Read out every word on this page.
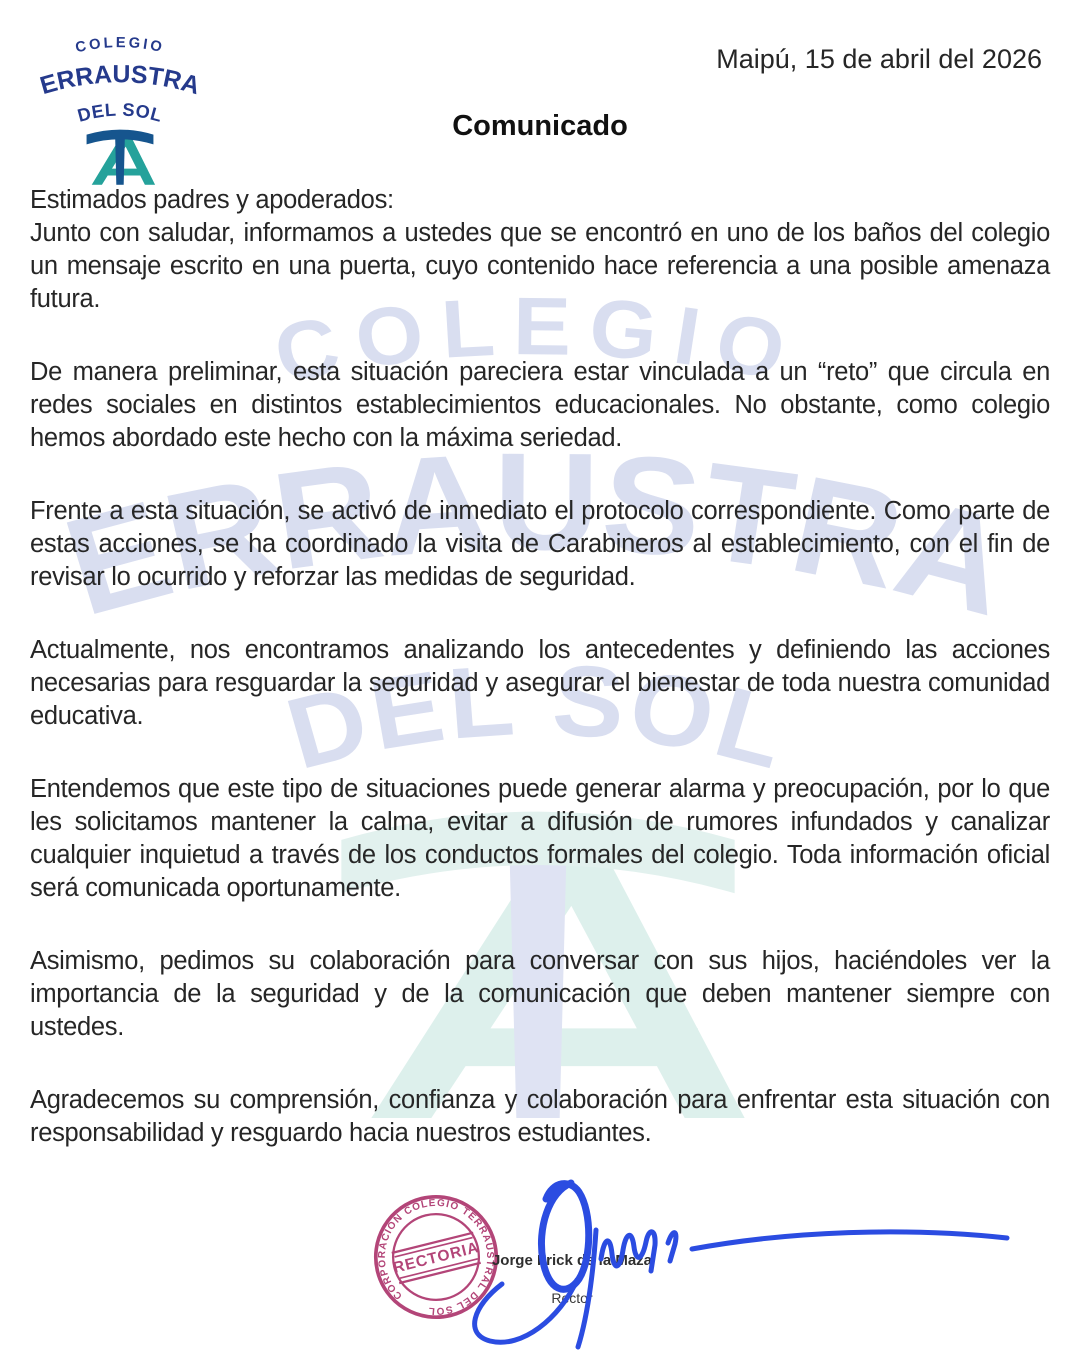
Maipú, 15 de abril del 2026
Comunicado

Estimados padres y apoderados:

Junto con saludar, informamos a ustedes que se encontró en uno de los baños del colegio un mensaje escrito en una puerta, cuyo contenido hace referencia a una posible amenaza futura.

De manera preliminar, esta situación pareciera estar vinculada a un “reto” que circula en redes sociales en distintos establecimientos educacionales. No obstante, como colegio hemos abordado este hecho con la máxima seriedad.

Frente a esta situación, se activó de inmediato el protocolo correspondiente. Como parte de estas acciones, se ha coordinado la visita de Carabineros al establecimiento, con el fin de revisar lo ocurrido y reforzar las medidas de seguridad.

Actualmente, nos encontramos analizando los antecedentes y definiendo las acciones necesarias para resguardar la seguridad y asegurar el bienestar de toda nuestra comunidad educativa.

Entendemos que este tipo de situaciones puede generar alarma y preocupación, por lo que les solicitamos mantener la calma, evitar a difusión de rumores infundados y canalizar cualquier inquietud a través de los conductos formales del colegio. Toda información oficial será comunicada oportunamente.

Asimismo, pedimos su colaboración para conversar con sus hijos, haciéndoles ver la importancia de la seguridad y de la comunicación que deben mantener siempre con ustedes.

Agradecemos su comprensión, confianza y colaboración para enfrentar esta situación con responsabilidad y resguardo hacia nuestros estudiantes.

CORPORACION COLEGIO TERRAUSTRAL DEL SOL
RECTORIA Jorge Frick de la Maza
Rector
